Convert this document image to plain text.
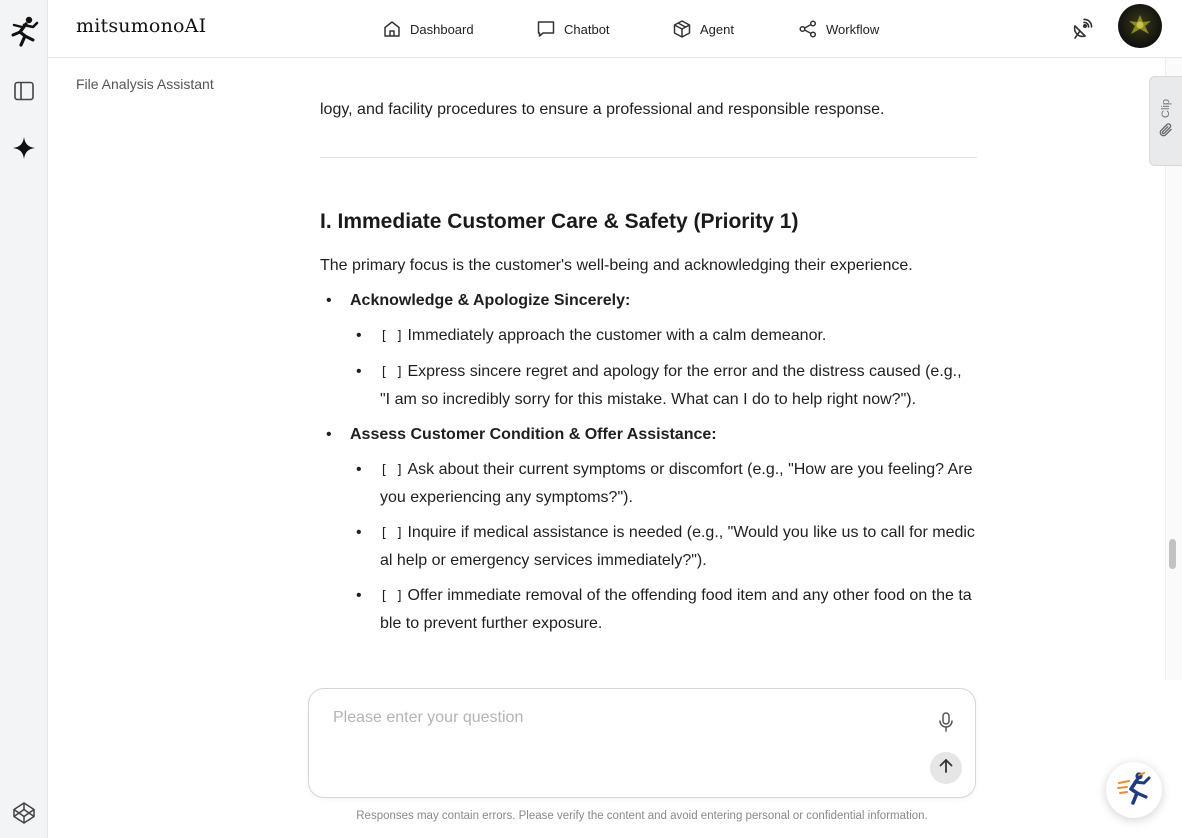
mitsumonoAI	Dashboard	Chatbot	Agent	Workflow
File Analysis Assistant

logy, and facility procedures to ensure a professional and responsible response.

I. Immediate Customer Care & Safety (Priority 1)

The primary focus is the customer's well-being and acknowledging their experience.

• Acknowledge & Apologize Sincerely:
• [ ] Immediately approach the customer with a calm demeanor.
• [ ] Express sincere regret and apology for the error and the distress caused (e.g., "I am so incredibly sorry for this mistake. What can I do to help right now?").
• Assess Customer Condition & Offer Assistance:
• [ ] Ask about their current symptoms or discomfort (e.g., "How are you feeling? Are you experiencing any symptoms?").
• [ ] Inquire if medical assistance is needed (e.g., "Would you like us to call for medical help or emergency services immediately?").
• [ ] Offer immediate removal of the offending food item and any other food on the table to prevent further exposure.
Clip
Please enter your question
Responses may contain errors. Please verify the content and avoid entering personal or confidential information.
